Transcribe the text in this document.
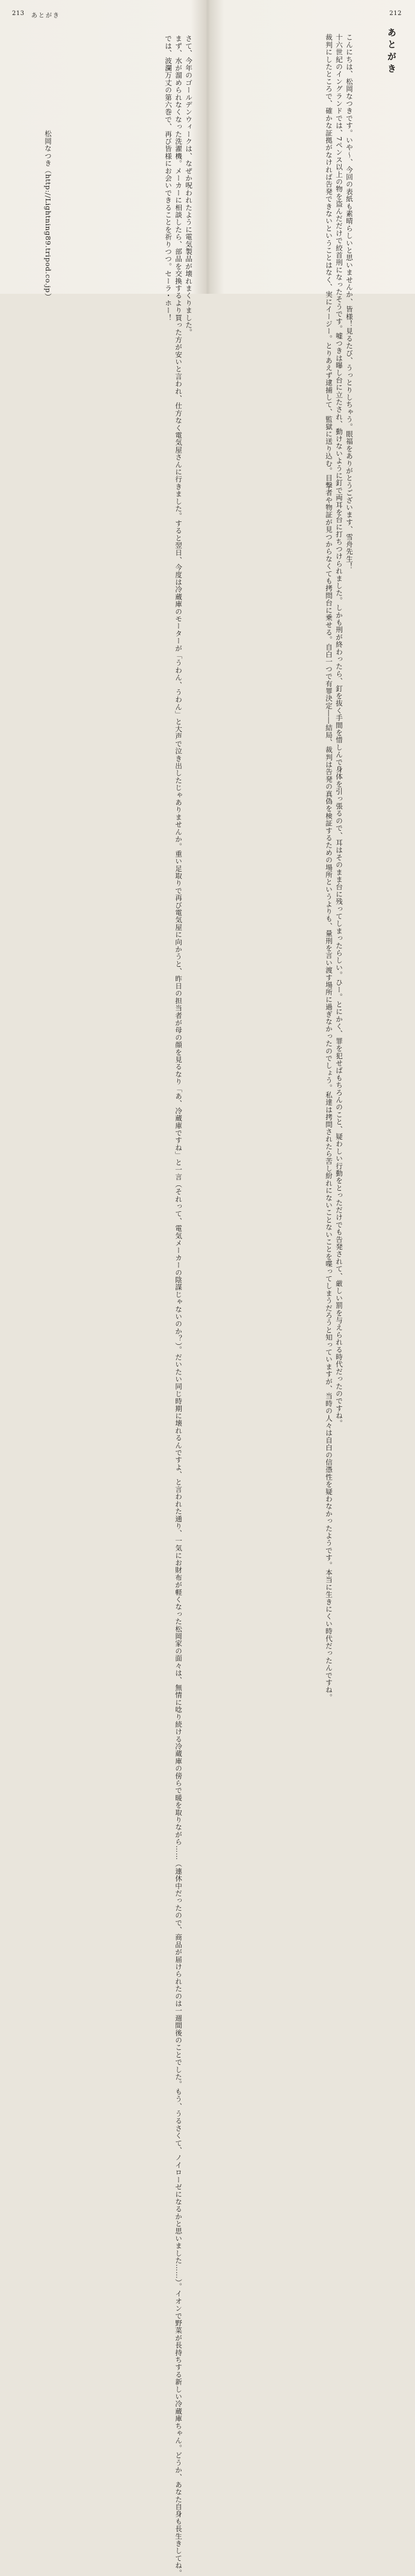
213 あとがき

さて、今年のゴールデンウィークは、なぜか呪われたように電気製品が壊れまくりました。

まず、水が溜められなくなった洗濯機。メーカーに相談したら、部品を交換するより買った方が安いと言われ、仕方なく電気屋さんに行きました。すると翌日、今度は冷蔵庫のモーターが「うわん、うわん」と大声で泣き出したじゃありませんか。重い足取りで再び電気屋に向かうと、昨日の担当者が母の顔を見るなり「あ、冷蔵庫ですね」と一言（それって、電気メーカーの陰謀じゃないのか？）。だいたい同じ時期に壊れるんですよ、と言われた通り、一気にお財布が軽くなった松岡家の面々は、無情に唸り続ける冷蔵庫の傍らで暖を取りながら……（連休中だったので、商品が届けられたのは一週間後のことでした。もう、うるさくて、ノイローゼになるかと思いました……）。イオンで野菜が長持ちする新しい冷蔵庫ちゃん。どうか、あなた自身も長生きしてね。

では、波瀾万丈の第六巻で、再び皆様にお会いできることを祈りつつ。セーラ・ホー！

松岡なつき（http://Lightning89.tripod.co.jp）
212
あとがき

こんにちは、松岡なつきです。いや〜、今回の表紙も素晴らしいと思いませんか、皆様！見るたび、うっとりしちゃう。眼福をありがとうございます、雪舟先生！

十六世紀のイングランドでは、7ペンス以上の物を盗んだだけで絞首刑になったそうです。嘘つきは曝し台に立たされ、動けないように釘で両耳を台に打ちつけられました。しかも刑が終わったら、釘を抜く手間を惜しんで身体を引っ張るので、耳はそのまま台に残ってしまったらしい。ひー。とにかく、罪を犯せばもちろんのこと、疑わしい行動をとっただけでも告発されて、厳しい罰を与えられる時代だったのですね。

裁判にしたところで、確かな証拠がなければ告発できないということはなく、実にイージー。とりあえず逮捕して、監獄に送り込む。目撃者や物証が見つからなくても拷問台に乗せる。自白一つで有罪決定――結局、裁判は告発の真偽を検証するための場所というよりも、量刑を言い渡す場所に過ぎなかったのでしょう。私達は拷問されたら苦し紛れにないことないことを喋ってしまうだろうと知っていますが、当時の人々は自白の信憑性を疑わなかったようです。本当に生きにくい時代だったんですね。
